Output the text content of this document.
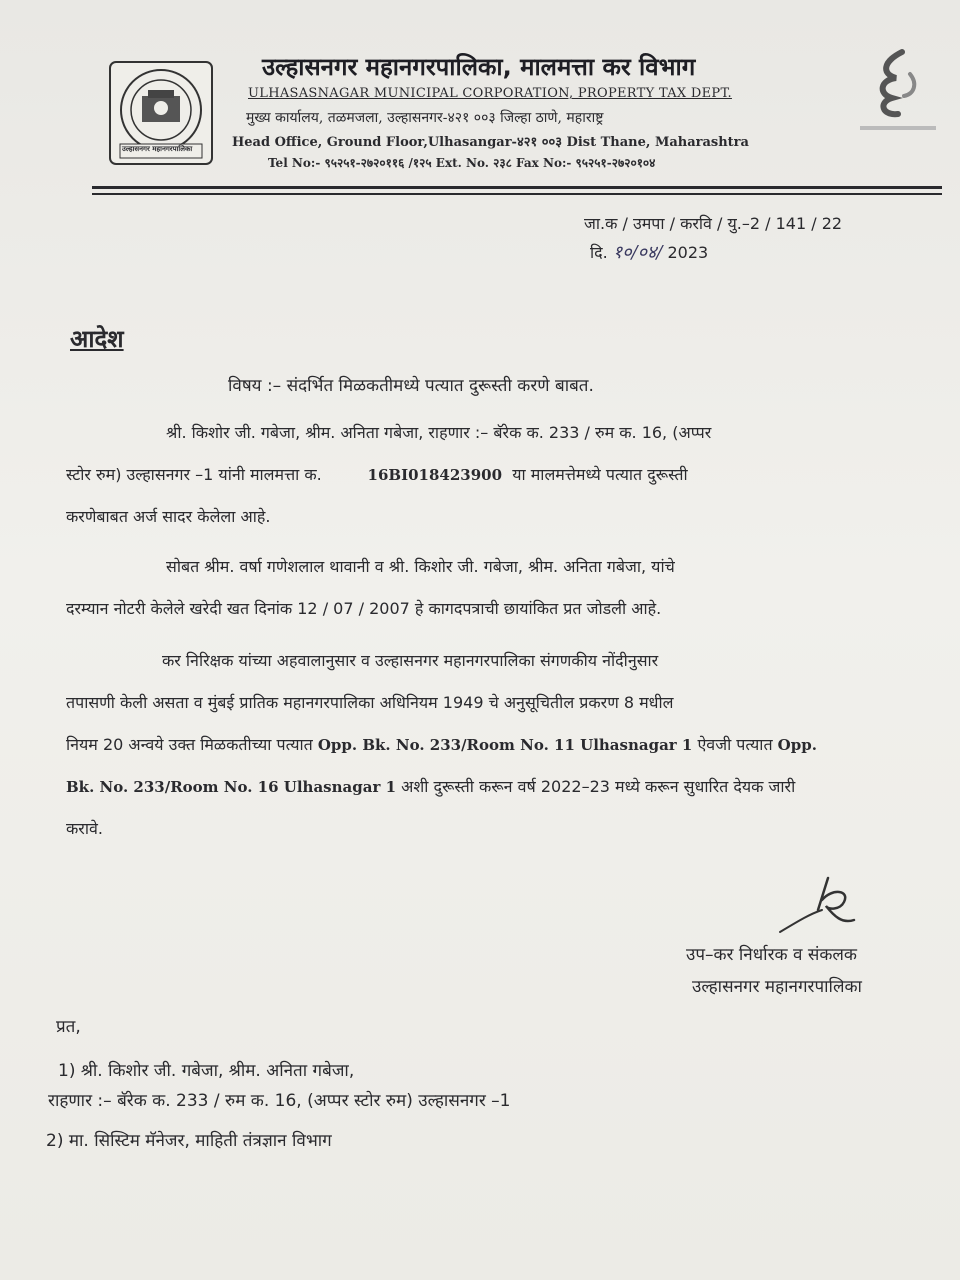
उल्हासनगर महानगरपालिका
उल्हासनगर महानगरपालिका, मालमत्ता कर विभाग
ULHASASNAGAR MUNICIPAL CORPORATION, PROPERTY TAX DEPT.
मुख्य कार्यालय, तळमजला, उल्हासनगर-४२१ ००३ जिल्हा ठाणे, महाराष्ट्र
Head Office, Ground Floor,Ulhasangar-४२१ ००३ Dist Thane, Maharashtra
Tel No:- ९५२५१-२७२०११६ /१२५ Ext. No. २३८ Fax No:- ९५२५१-२७२०१०४
जा.क / उमपा / करवि / यु.–2 / 141 / 22
दि. १०/०४/ 2023
आदेश
विषय :– संदर्भित मिळकतीमध्ये पत्यात दुरूस्ती करणे बाबत.
श्री. किशोर जी. गबेजा, श्रीम. अनिता गबेजा, राहणार :– बॅरेक क. 233 / रुम क. 16, (अप्पर
स्टोर रुम) उल्हासनगर –1 यांनी मालमत्ता क.	16BI018423900 या मालमत्तेमध्ये पत्यात दुरूस्ती
करणेबाबत अर्ज सादर केलेला आहे.
सोबत श्रीम. वर्षा गणेशलाल थावानी व श्री. किशोर जी. गबेजा, श्रीम. अनिता गबेजा, यांचे
दरम्यान नोटरी केलेले खरेदी खत दिनांक 12 / 07 / 2007 हे कागदपत्राची छायांकित प्रत जोडली आहे.
कर निरिक्षक यांच्या अहवालानुसार व उल्हासनगर महानगरपालिका संगणकीय नोंदीनुसार
तपासणी केली असता व मुंबई प्रातिक महानगरपालिका अधिनियम 1949 चे अनुसूचितील प्रकरण 8 मधील
नियम 20 अन्वये उक्त मिळकतीच्या पत्यात Opp. Bk. No. 233/Room No. 11 Ulhasnagar 1 ऐवजी पत्यात Opp.
Bk. No. 233/Room No. 16 Ulhasnagar 1 अशी दुरूस्ती करून वर्ष 2022–23 मध्ये करून सुधारित देयक जारी
करावे.
उप–कर निर्धारक व संकलक
उल्हासनगर महानगरपालिका
प्रत,
1) श्री. किशोर जी. गबेजा, श्रीम. अनिता गबेजा,
राहणार :– बॅरेक क. 233 / रुम क. 16, (अप्पर स्टोर रुम) उल्हासनगर –1
2) मा. सिस्टिम मॅनेजर, माहिती तंत्रज्ञान विभाग
